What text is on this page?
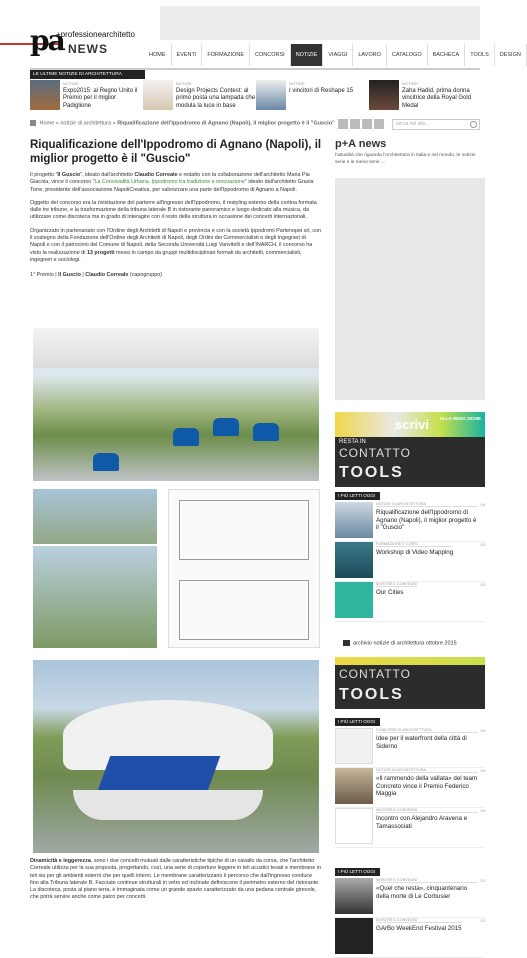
pa
+professionearchitetto
NEWS	HOME	EVENTI	FORMAZIONE	CONCORSI	NOTIZIE	VIAGGI	LAVORO	CATALOGO	BACHECA	TOOLS	DESIGN
LE ULTIME NOTIZIE DI ARCHITETTURA
NOTIZIE
Expo2015: al Regno Unito il Premio per il miglior Padiglione
NOTIZIE
Design Projects Contest: al primo posta una lampada che modula la luce in base
NOTIZIE
I vincitori di Reshape 15
NOTIZIE
Zaha Hadid, prima donna vincitrice della Royal Gold Medal
Home » notizie di architettura » Riqualificazione dell'Ippodromo di Agnano (Napoli), il miglior progetto è il "Guscio"	cerca nel sito...
Riqualificazione dell'Ippodromo di Agnano (Napoli), il miglior progetto è il "Guscio"

Il progetto "Il Guscio", ideato dall'architetto Claudio Correale e redatto con la collaborazione dell'architetto Maria Pia Giacola, vince il concorso "La Convivialità Urbana. Ippodromo tra tradizione e innovazione" ideato dall'architetto Grazia Torre, presidente dell'associazione NapoliCreativa, per valorizzare una parte dell'Ippodromo di Agnano a Napoli.

Oggetto del concorso era la rivisitazione del parterre all'ingresso dell'Ippodromo, il restyling esterno della cortina formata dalle tre tribune, e la trasformazione della tribuna laterale B in ristorante panoramico e luogo dedicato alla musica, da utilizzare come discoteca ma in grado di interagire con il resto della struttura in occasione dei concerti internazionali.

Organizzato in partenariato con l'Ordine degli Architetti di Napoli e provincia e con la società Ippodromi Partenopei srl, con il sostegno della Fondazione dell'Ordine degli Architetti di Napoli, degli Ordini dei Commercialisti e degli Ingegneri di Napoli e con il patrocinio del Comune di Napoli, della Seconda Università Luigi Vanvitelli e dell'INARCH, il concorso ha visto la realizzazione di 13 progetti messi in campo da gruppi multidisciplinari formati da architetti, commercialisti, ingegneri e sociologi.

1° Premio | Il Guscio | Claudio Correale (capogruppo)
Dinamicità e leggerezza, sono i due concetti mutuati dalle caratteristiche tipiche di un cavallo da corsa, che l'architetto Correale utilizza per la sua proposta, progettando, così, una serie di coperture leggere in teli acustici tesati e membrane in teli sia per gli ambienti esterni che per quelli interni. Le membrane caratterizzano il percorso che dall'ingresso conduce fino alla Tribuna laterale B. Facciate continue strutturali in vetro ed inclinate definiscono il perimetro esterno del ristorante. La discoteca, posta al piano terra, è immaginata come un grande spazio caratterizzato da una pedana centrale girevole, che potrà servire anche come palco per concerti.
p+A news

l'attualità che riguarda l'Architettura in Italia e nel mondo, le notizie serie e le meno serie ...

scrivi ALLA REDA ZIONE
RESTA IN
CONTATTO
TOOLS
I PIÙ LETTI OGGI
NOTIZIE DI ARCHITETTURA
Riqualificazione dell'Ippodromo di Agnano (Napoli), il miglior progetto è il "Guscio"
04
FORMAZIONE E CORSI
Workshop di Video Mapping
03
MOSTRE E CONVEGNI
Our Cities
03
archivio notizie di architettura ottobre 2015
CONTATTO
TOOLS
I PIÙ LETTI OGGI
CONCORSI DI ARCHITETTURA
Idee per il waterfront della città di Siderno
03
NOTIZIE DI ARCHITETTURA
«Il rammendo della vallata» del team Concreto vince il Premio Federico Maggia
03
MOSTRE E CONVEGNI
Incontro con Alejandro Aravena e Tamassociati
03
I PIÙ LETTI OGGI
MOSTRE E CONVEGNI
«Quel che resta», cinquantenario della morte di Le Corbusier
02
MOSTRE E CONVEGNI
GArBo WeekEnd Festival 2015
02
